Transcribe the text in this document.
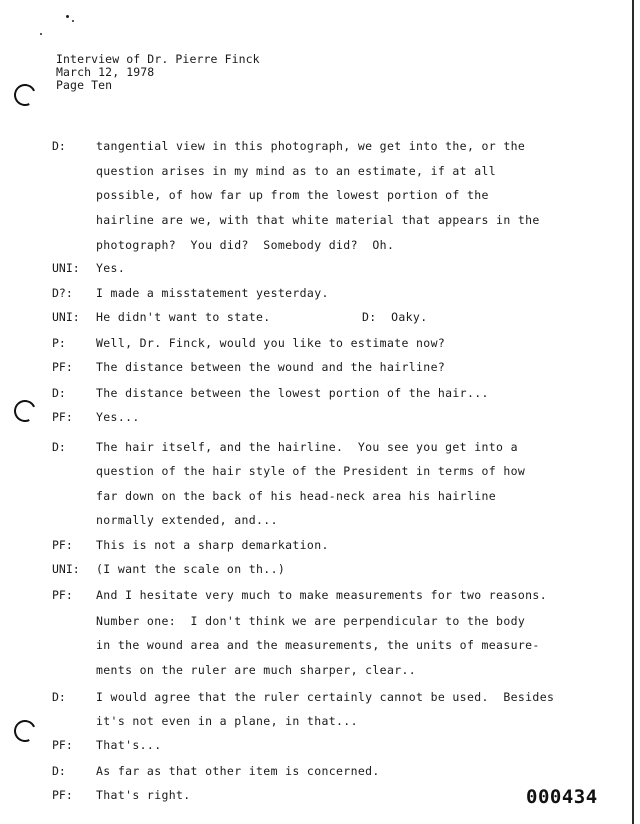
Interview of Dr. Pierre Finck
March 12, 1978
Page Ten
D:	tangential view in this photograph, we get into the, or the
question arises in my mind as to an estimate, if at all
possible, of how far up from the lowest portion of the
hairline are we, with that white material that appears in the
photograph?  You did?  Somebody did?  Oh.
UNI: Yes.
D?: I made a misstatement yesterday.
UNI: He didn't want to state.	D:  Oaky.
P:	Well, Dr. Finck, would you like to estimate now?
PF: The distance between the wound and the hairline?
D:	The distance between the lowest portion of the hair...
PF: Yes...
D:	The hair itself, and the hairline.  You see you get into a
question of the hair style of the President in terms of how
far down on the back of his head-neck area his hairline
normally extended, and...
PF: This is not a sharp demarkation.
UNI: (I want the scale on th..)
PF: And I hesitate very much to make measurements for two reasons.
Number one:  I don't think we are perpendicular to the body
in the wound area and the measurements, the units of measure-
ments on the ruler are much sharper, clear..
D:	I would agree that the ruler certainly cannot be used.  Besides
it's not even in a plane, in that...
PF: That's...
D:	As far as that other item is concerned.
PF: That's right.	000434
